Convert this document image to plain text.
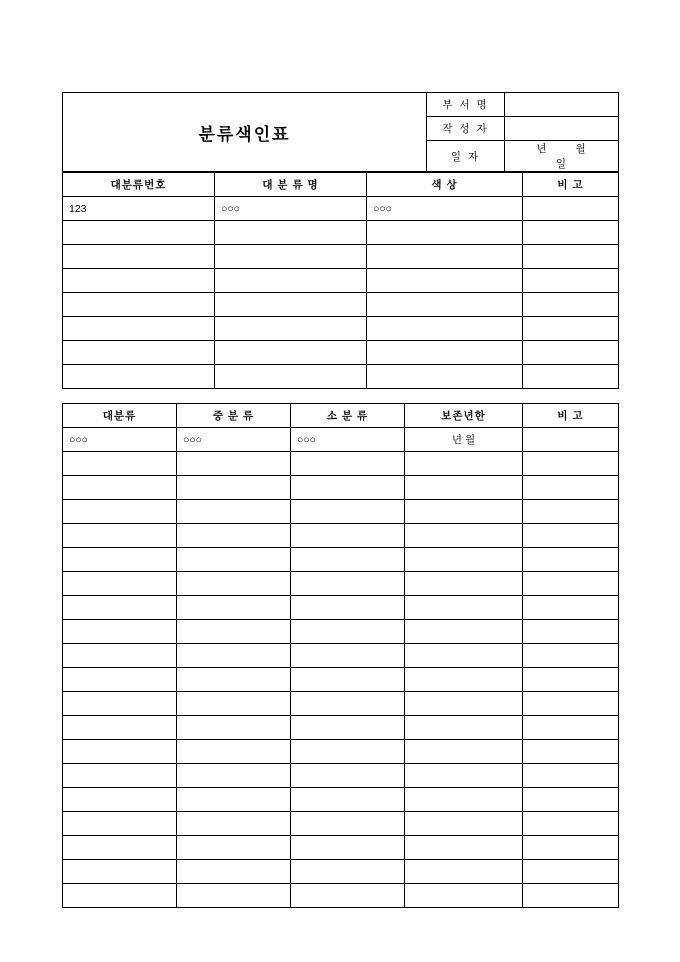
분류색인표	부 서 명	
	작 성 자	
	일 자	년 월일
대분류번호	대 분 류 명	색 상	비 고
123	○○○	○○○	

대분류	중 분 류	소 분 류	보존년한	비 고
○○○	○○○	○○○	년 월	
